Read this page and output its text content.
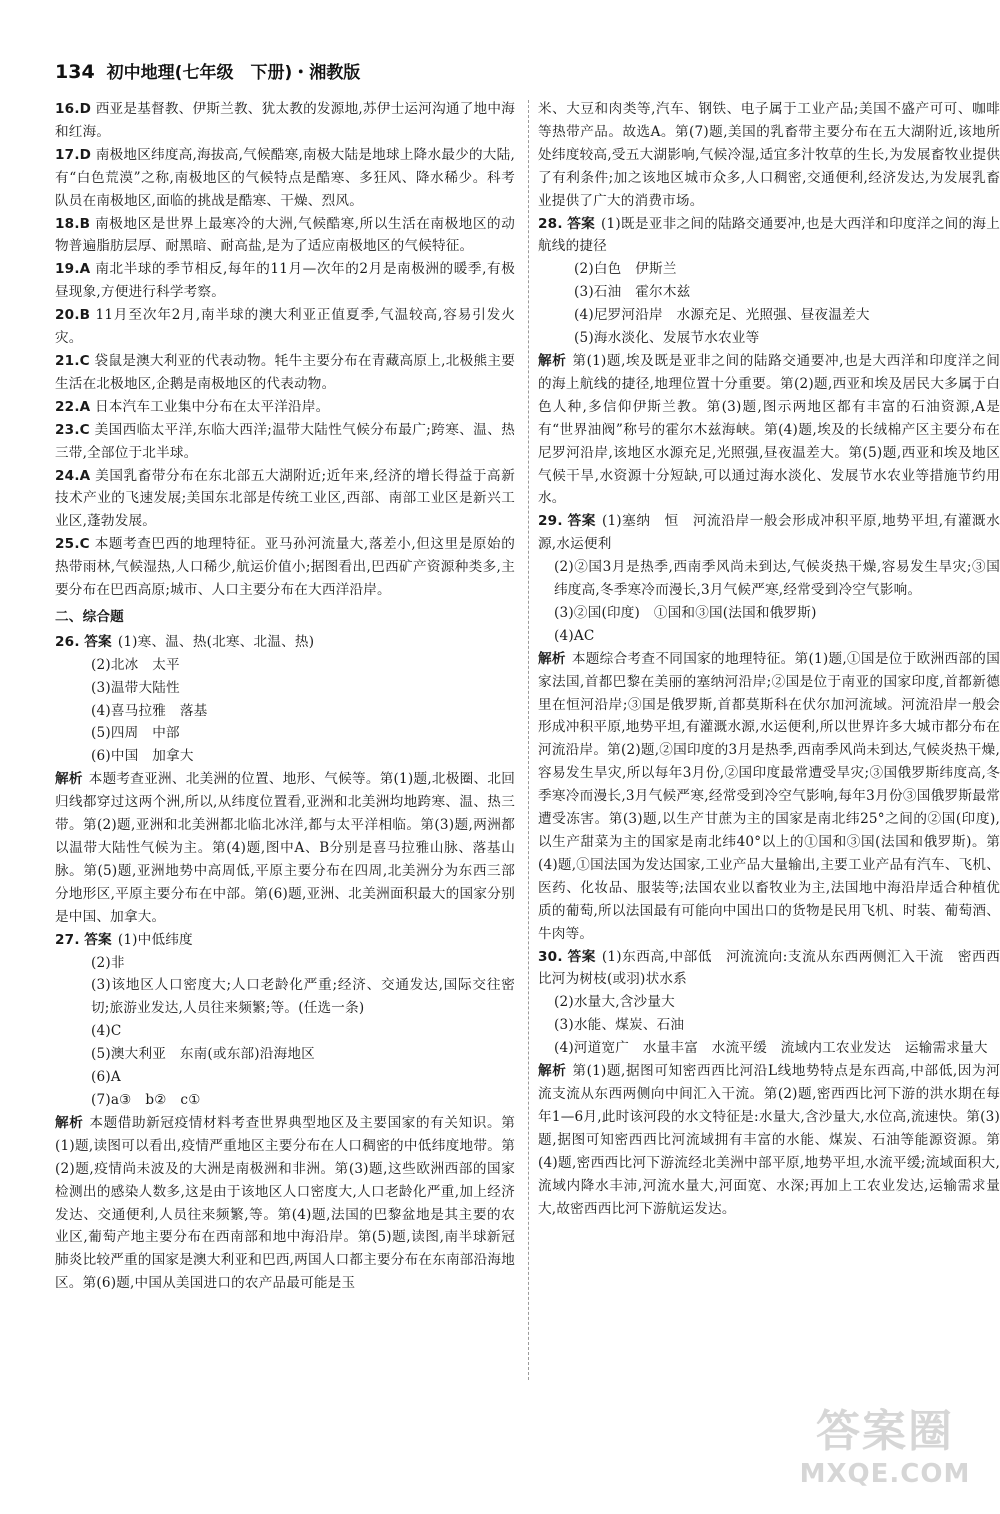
134 初中地理(七年级　下册)・湘教版

16.D 西亚是基督教、伊斯兰教、犹太教的发源地,苏伊士运河沟通了地中海和红海。

17.D 南极地区纬度高,海拔高,气候酷寒,南极大陆是地球上降水最少的大陆,有“白色荒漠”之称,南极地区的气候特点是酷寒、多狂风、降水稀少。科考队员在南极地区,面临的挑战是酷寒、干燥、烈风。

18.B 南极地区是世界上最寒冷的大洲,气候酷寒,所以生活在南极地区的动物普遍脂肪层厚、耐黑暗、耐高盐,是为了适应南极地区的气候特征。

19.A 南北半球的季节相反,每年的11月—次年的2月是南极洲的暖季,有极昼现象,方便进行科学考察。

20.B 11月至次年2月,南半球的澳大利亚正值夏季,气温较高,容易引发火灾。

21.C 袋鼠是澳大利亚的代表动物。牦牛主要分布在青藏高原上,北极熊主要生活在北极地区,企鹅是南极地区的代表动物。

22.A 日本汽车工业集中分布在太平洋沿岸。

23.C 美国西临太平洋,东临大西洋;温带大陆性气候分布最广;跨寒、温、热三带,全部位于北半球。

24.A 美国乳畜带分布在东北部五大湖附近;近年来,经济的增长得益于高新技术产业的飞速发展;美国东北部是传统工业区,西部、南部工业区是新兴工业区,蓬勃发展。

25.C 本题考查巴西的地理特征。亚马孙河流量大,落差小,但这里是原始的热带雨林,气候湿热,人口稀少,航运价值小;据图看出,巴西矿产资源种类多,主要分布在巴西高原;城市、人口主要分布在大西洋沿岸。

二、综合题

26. 答案 (1)寒、温、热(北寒、北温、热)

(2)北冰　太平

(3)温带大陆性

(4)喜马拉雅　落基

(5)四周　中部

(6)中国　加拿大

解析 本题考查亚洲、北美洲的位置、地形、气候等。第(1)题,北极圈、北回归线都穿过这两个洲,所以,从纬度位置看,亚洲和北美洲均地跨寒、温、热三带。第(2)题,亚洲和北美洲都北临北冰洋,都与太平洋相临。第(3)题,两洲都以温带大陆性气候为主。第(4)题,图中A、B分别是喜马拉雅山脉、落基山脉。第(5)题,亚洲地势中高周低,平原主要分布在四周,北美洲分为东西三部分地形区,平原主要分布在中部。第(6)题,亚洲、北美洲面积最大的国家分别是中国、加拿大。

27. 答案 (1)中低纬度

(2)非

(3)该地区人口密度大;人口老龄化严重;经济、交通发达,国际交往密切;旅游业发达,人员往来频繁;等。(任选一条)

(4)C

(5)澳大利亚　东南(或东部)沿海地区

(6)A

(7)a③　b②　c①

解析 本题借助新冠疫情材料考查世界典型地区及主要国家的有关知识。第(1)题,读图可以看出,疫情严重地区主要分布在人口稠密的中低纬度地带。第(2)题,疫情尚未波及的大洲是南极洲和非洲。第(3)题,这些欧洲西部的国家检测出的感染人数多,这是由于该地区人口密度大,人口老龄化严重,加上经济发达、交通便利,人员往来频繁,等。第(4)题,法国的巴黎盆地是其主要的农业区,葡萄产地主要分布在西南部和地中海沿岸。第(5)题,读图,南半球新冠肺炎比较严重的国家是澳大利亚和巴西,两国人口都主要分布在东南部沿海地区。第(6)题,中国从美国进口的农产品最可能是玉

米、大豆和肉类等,汽车、钢铁、电子属于工业产品;美国不盛产可可、咖啡等热带产品。故选A。第(7)题,美国的乳畜带主要分布在五大湖附近,该地所处纬度较高,受五大湖影响,气候冷湿,适宜多汁牧草的生长,为发展畜牧业提供了有利条件;加之该地区城市众多,人口稠密,交通便利,经济发达,为发展乳畜业提供了广大的消费市场。

28. 答案 (1)既是亚非之间的陆路交通要冲,也是大西洋和印度洋之间的海上航线的捷径

(2)白色　伊斯兰

(3)石油　霍尔木兹

(4)尼罗河沿岸　水源充足、光照强、昼夜温差大

(5)海水淡化、发展节水农业等

解析 第(1)题,埃及既是亚非之间的陆路交通要冲,也是大西洋和印度洋之间的海上航线的捷径,地理位置十分重要。第(2)题,西亚和埃及居民大多属于白色人种,多信仰伊斯兰教。第(3)题,图示两地区都有丰富的石油资源,A是有“世界油阀”称号的霍尔木兹海峡。第(4)题,埃及的长绒棉产区主要分布在尼罗河沿岸,该地区水源充足,光照强,昼夜温差大。第(5)题,西亚和埃及地区气候干旱,水资源十分短缺,可以通过海水淡化、发展节水农业等措施节约用水。

29. 答案 (1)塞纳　恒　河流沿岸一般会形成冲积平原,地势平坦,有灌溉水源,水运便利

(2)②国3月是热季,西南季风尚未到达,气候炎热干燥,容易发生旱灾;③国纬度高,冬季寒冷而漫长,3月气候严寒,经常受到冷空气影响。

(3)②国(印度)　①国和③国(法国和俄罗斯)

(4)AC

解析 本题综合考查不同国家的地理特征。第(1)题,①国是位于欧洲西部的国家法国,首都巴黎在美丽的塞纳河沿岸;②国是位于南亚的国家印度,首都新德里在恒河沿岸;③国是俄罗斯,首都莫斯科在伏尔加河流域。河流沿岸一般会形成冲积平原,地势平坦,有灌溉水源,水运便利,所以世界许多大城市都分布在河流沿岸。第(2)题,②国印度的3月是热季,西南季风尚未到达,气候炎热干燥,容易发生旱灾,所以每年3月份,②国印度最常遭受旱灾;③国俄罗斯纬度高,冬季寒冷而漫长,3月气候严寒,经常受到冷空气影响,每年3月份③国俄罗斯最常遭受冻害。第(3)题,以生产甘蔗为主的国家是南北纬25°之间的②国(印度),以生产甜菜为主的国家是南北纬40°以上的①国和③国(法国和俄罗斯)。第(4)题,①国法国为发达国家,工业产品大量输出,主要工业产品有汽车、飞机、医药、化妆品、服装等;法国农业以畜牧业为主,法国地中海沿岸适合种植优质的葡萄,所以法国最有可能向中国出口的货物是民用飞机、时装、葡萄酒、牛肉等。

30. 答案 (1)东西高,中部低　河流流向:支流从东西两侧汇入干流　密西西比河为树枝(或羽)状水系

(2)水量大,含沙量大

(3)水能、煤炭、石油

(4)河道宽广　水量丰富　水流平缓　流域内工农业发达　运输需求量大

解析 第(1)题,据图可知密西西比河沿L线地势特点是东西高,中部低,因为河流支流从东西两侧向中间汇入干流。第(2)题,密西西比河下游的洪水期在每年1—6月,此时该河段的水文特征是:水量大,含沙量大,水位高,流速快。第(3)题,据图可知密西西比河流域拥有丰富的水能、煤炭、石油等能源资源。第(4)题,密西西比河下游流经北美洲中部平原,地势平坦,水流平缓;流域面积大,流域内降水丰沛,河流水量大,河面宽、水深;再加上工农业发达,运输需求量大,故密西西比河下游航运发达。

答案圈
MXQE.COM
